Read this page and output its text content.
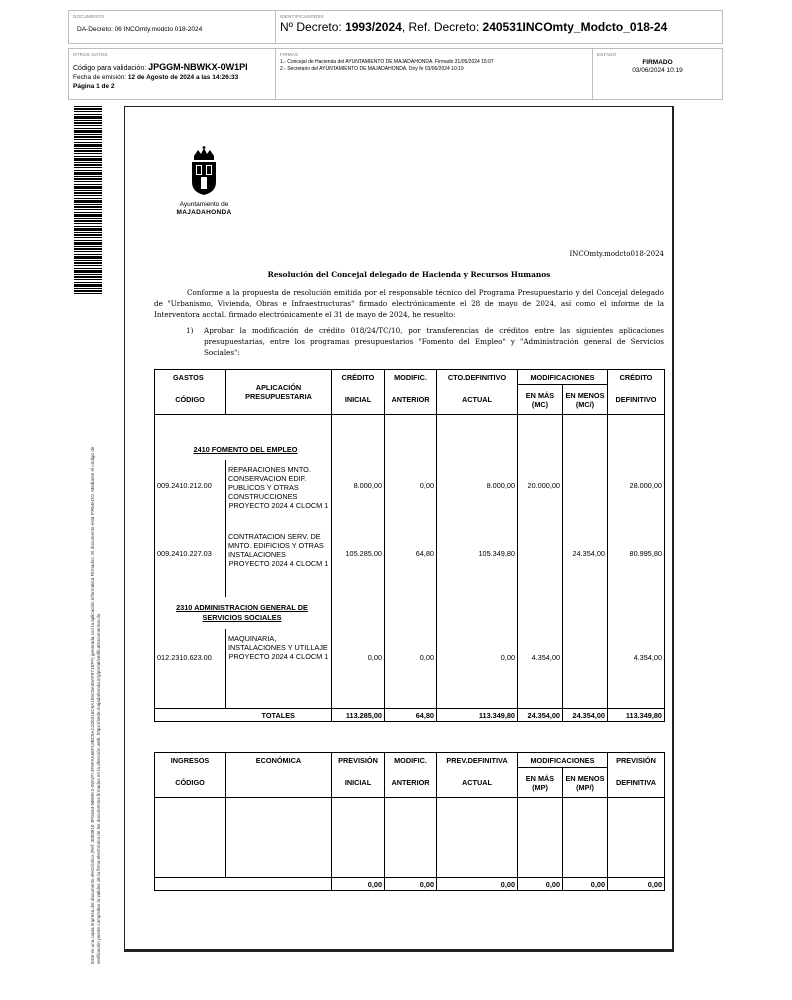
DOCUMENTO
DA-Decreto: 06 INCOmty.modcto 018-2024
IDENTIFICADORES
Nº Decreto: 1993/2024, Ref. Decreto: 240531INCOmty_Modcto_018-24
OTROS DATOS
Código para validación: JPGGM-NBWKX-0W1PI
Fecha de emisión: 12 de Agosto de 2024 a las 14:26:33
Página 1 de 2
FIRMAS
1.- Concejal de Hacienda del AYUNTAMIENTO DE MAJADAHONDA. Firmado 31/05/2024 15:07
2.- Secretario del AYUNTAMIENTO DE MAJADAHONDA. Doy fe 03/06/2024 10:19
ESTADO
FIRMADO
03/06/2024 10:19
Este es una copia impresa del documento electrónico (Ref: 3083910 JPGGM-NBWKX-0W1PI 4F5FAA56F19BC5AC200316C6A155C8A45AF971EFF) generada con la aplicación informática Firmadoc. El documento está FIRMADO. Mediante el código de verificación puede comprobar la validez de la firma electrónica de los documentos firmados en la dirección web: https://sede.majadahonda.org/portal/verificaDocumentos.do
Ayuntamiento de
MAJADAHONDA
INCOmty.modcto018-2024
Resolución del Concejal delegado de Hacienda y Recursos Humanos
Conforme a la propuesta de resolución emitida por el responsable técnico del Programa Presupuestario y del Concejal delegado de "Urbanismo, Vivienda, Obras e Infraestructuras" firmado electrónicamente el 28 de mayo de 2024, así como el informe de la Interventora acctal. firmado electrónicamente el 31 de mayo de 2024, he resuelto:
1) Aprobar la modificación de crédito 018/24/TC/10, por transferencias de créditos entre las siguientes aplicaciones presupuestarias, entre los programas presupuestarios "Fomento del Empleo" y "Administración general de Servicios Sociales":
GASTOS	APLICACIÓN PRESUPUESTARIA	CRÉDITO	MODIFIC.	CTO.DEFINITIVO	MODIFICACIONES		CRÉDITO
CÓDIGO		INICIAL	ANTERIOR	ACTUAL	EN MÁS (MC)	EN MENOS (MC/)	DEFINITIVO

2410 FOMENTO DEL EMPLEO							

009.2410.212.00	REPARACIONES MNTO. CONSERVACION EDIF. PUBLICOS Y OTRAS CONSTRUCCIONES
PROYECTO 2024 4 CLOCM 1	8.000,00	0,00	8.000,00	20.000,00		28.000,00
009.2410.227.03	CONTRATACION SERV. DE MNTO. EDIFICIOS Y OTRAS INSTALACIONES
PROYECTO 2024 4 CLOCM 1	105.285,00	64,80	105.349,80		24.354,00	80.995,80

2310 ADMINISTRACION GENERAL DE SERVICIOS SOCIALES							

012.2310.623.00	MAQUINARIA, INSTALACIONES Y UTILLAJE
PROYECTO 2024 4 CLOCM 1	0,00	0,00	0,00	4.354,00		4.354,00
	TOTALES	113.285,00	64,80	113.349,80	24.354,00	24.354,00	113.349,80
INGRESOS	ECONÓMICA	PREVISIÓN	MODIFIC.	PREV.DEFINITIVA	MODIFICACIONES		PREVISIÓN
CÓDIGO		INICIAL	ANTERIOR	ACTUAL	EN MÁS (MP)	EN MENOS (MP/)	DEFINITIVA

		0,00	0,00	0,00	0,00	0,00	0,00
